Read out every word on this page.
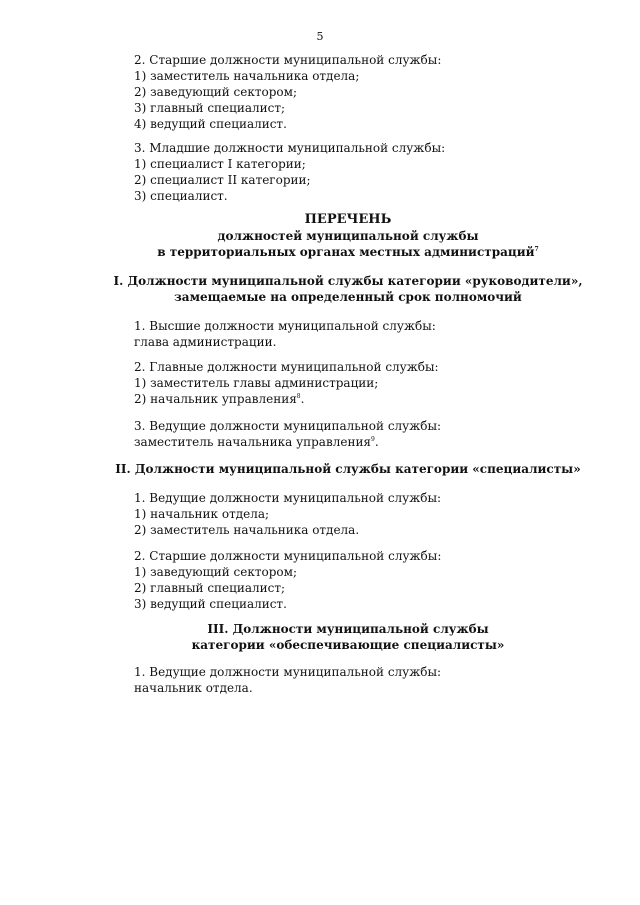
5
2. Старшие должности муниципальной службы:
1) заместитель начальника отдела;
2) заведующий сектором;
3) главный специалист;
4) ведущий специалист.
3. Младшие должности муниципальной службы:
1) специалист I категории;
2) специалист II категории;
3) специалист.
ПЕРЕЧЕНЬ
должностей муниципальной службы
в территориальных органах местных администраций$^7$
I. Должности муниципальной службы категории «руководители»,
замещаемые на определенный срок полномочий
1. Высшие должности муниципальной службы:
глава администрации.
2. Главные должности муниципальной службы:
1) заместитель главы администрации;
2) начальник управления$^8$.
3. Ведущие должности муниципальной службы:
заместитель начальника управления$^9$.
II. Должности муниципальной службы категории «специалисты»
1. Ведущие должности муниципальной службы:
1) начальник отдела;
2) заместитель начальника отдела.
2. Старшие должности муниципальной службы:
1) заведующий сектором;
2) главный специалист;
3) ведущий специалист.
III. Должности муниципальной службы
категории «обеспечивающие специалисты»
1. Ведущие должности муниципальной службы:
начальник отдела.
